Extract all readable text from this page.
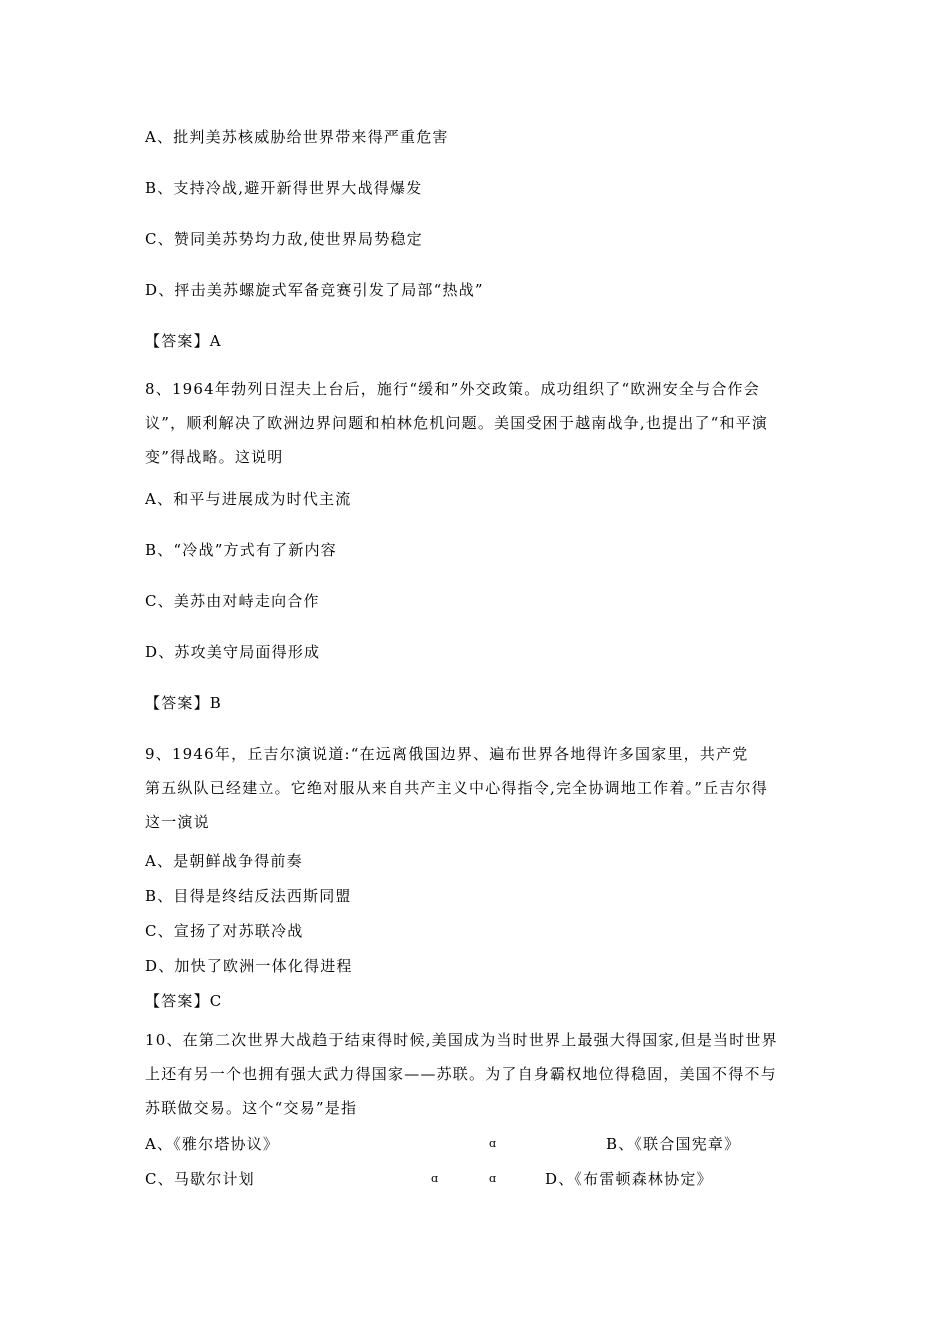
A、批判美苏核威胁给世界带来得严重危害
B、支持冷战,避开新得世界大战得爆发
C、赞同美苏势均力敌,使世界局势稳定
D、抨击美苏螺旋式军备竞赛引发了局部“热战”
【答案】A
8、1964年勃列日涅夫上台后，施行“缓和”外交政策。成功组织了“欧洲安全与合作会
议”，顺利解决了欧洲边界问题和柏林危机问题。美国受困于越南战争,也提出了“和平演
变”得战略。这说明
A、和平与进展成为时代主流
B、“冷战”方式有了新内容
C、美苏由对峙走向合作
D、苏攻美守局面得形成
【答案】B
9、1946年，丘吉尔演说道:“在远离俄国边界、遍布世界各地得许多国家里，共产党
第五纵队已经建立。它绝对服从来自共产主义中心得指令,完全协调地工作着。”丘吉尔得
这一演说
A、是朝鲜战争得前奏
B、目得是终结反法西斯同盟
C、宣扬了对苏联冷战
D、加快了欧洲一体化得进程
【答案】C
10、在第二次世界大战趋于结束得时候,美国成为当时世界上最强大得国家,但是当时世界
上还有另一个也拥有强大武力得国家——苏联。为了自身霸权地位得稳固，美国不得不与
苏联做交易。这个“交易”是指
A、《雅尔塔协议》	ɑ	B、《联合国宪章》
C、马歇尔计划	ɑ	ɑ	D、《布雷顿森林协定》
